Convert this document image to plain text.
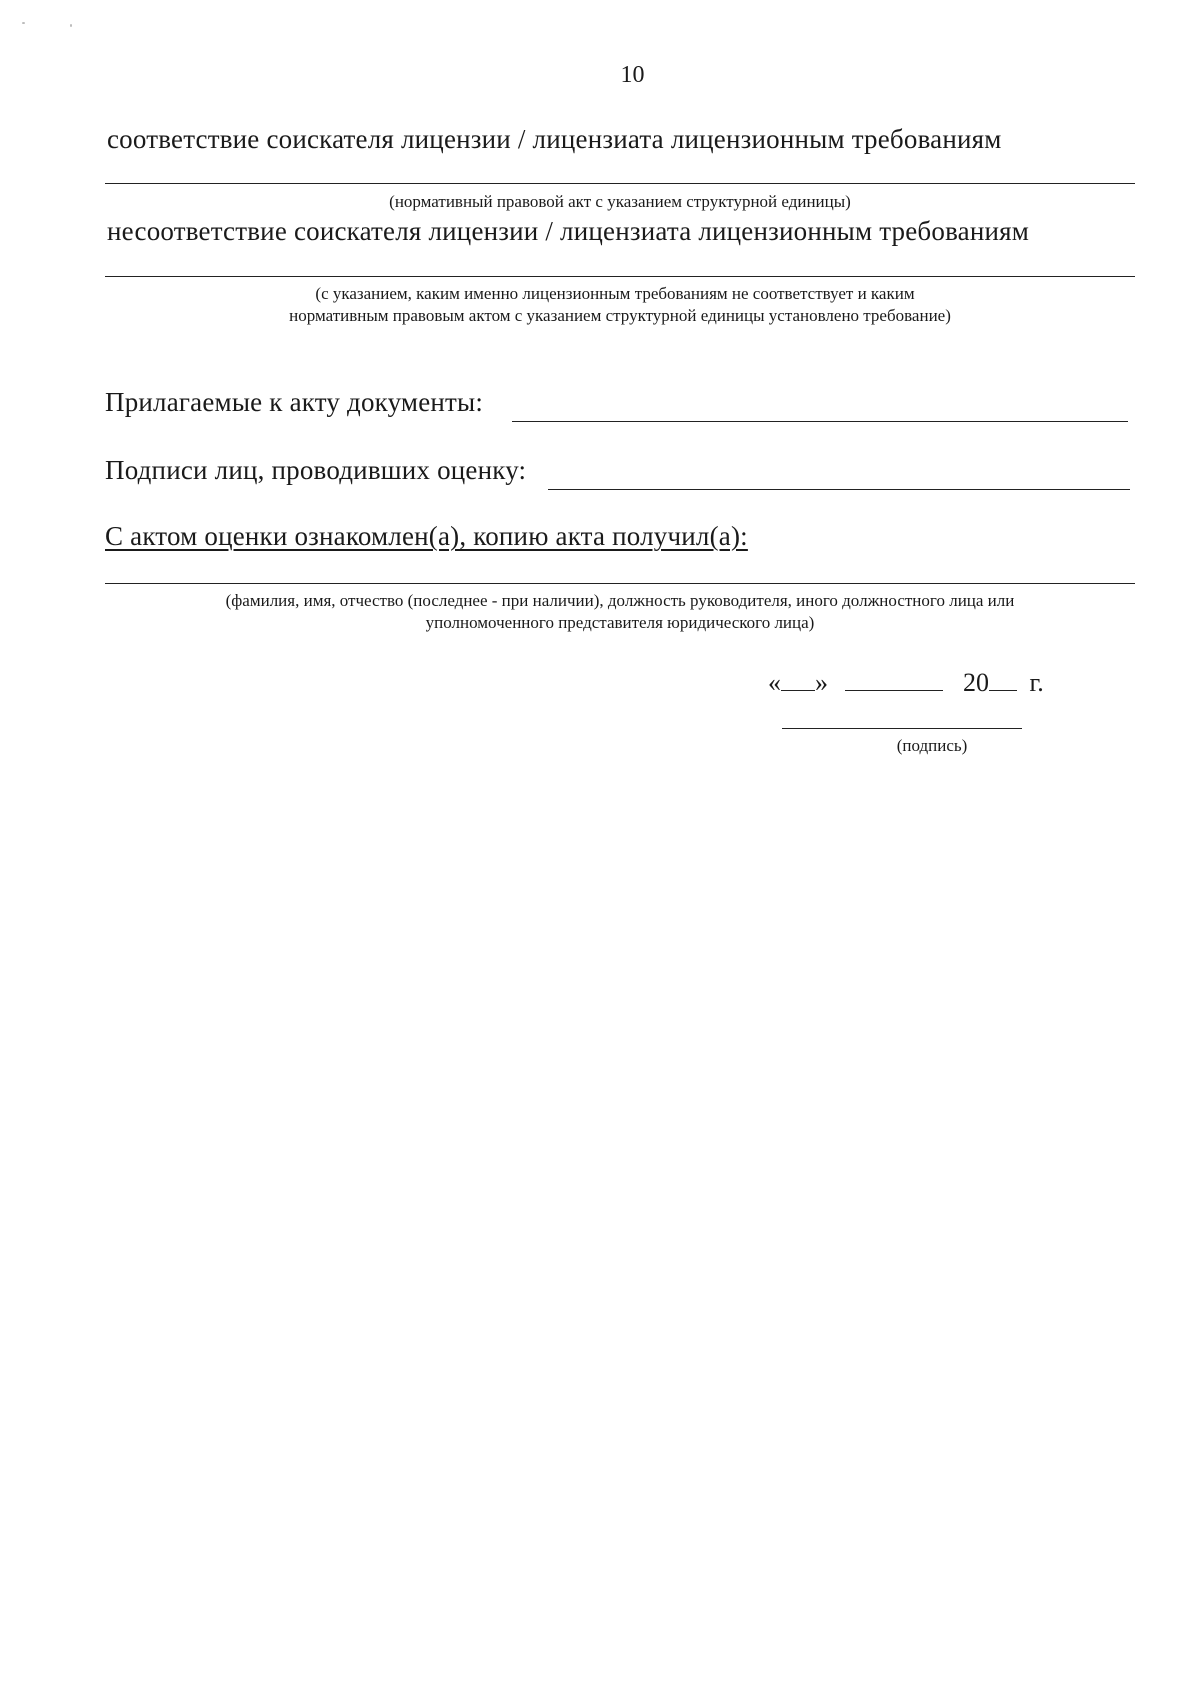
10
соответствие соискателя лицензии / лицензиата лицензионным требованиям
(нормативный правовой акт с указанием структурной единицы)
несоответствие соискателя лицензии / лицензиата лицензионным требованиям
(с указанием, каким именно лицензионным требованиям не соответствует и каким
нормативным правовым актом с указанием структурной единицы установлено требование)
Прилагаемые к акту документы:
Подписи лиц, проводивших оценку:
С актом оценки ознакомлен(а), копию акта получил(а):
(фамилия, имя, отчество (последнее - при наличии), должность руководителя, иного должностного лица или
уполномоченного представителя юридического лица)
« »	20 г.
(подпись)
